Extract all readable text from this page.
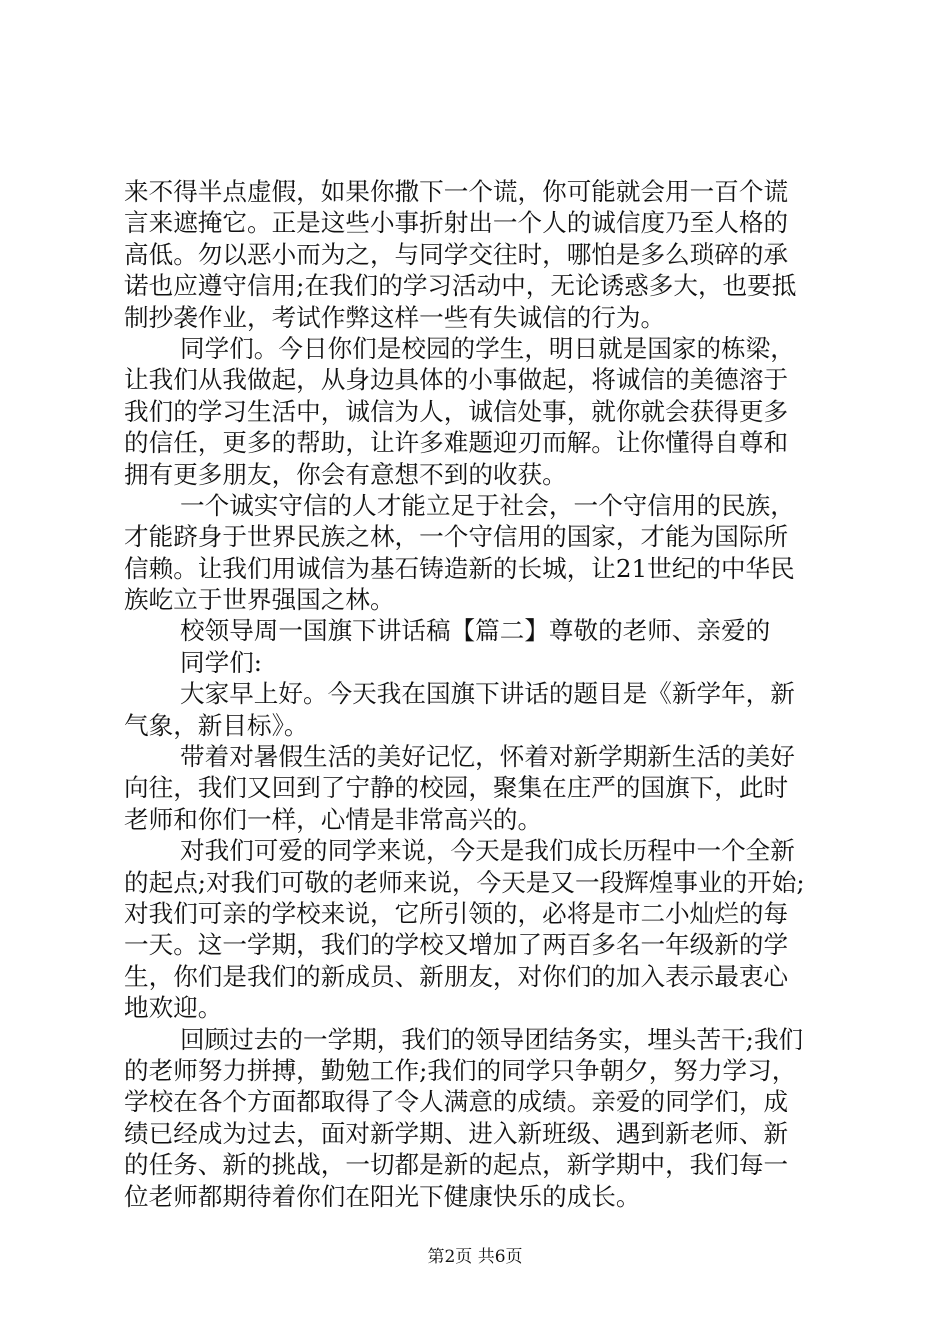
来不得半点虚假，如果你撒下一个谎，你可能就会用一百个谎
言来遮掩它。正是这些小事折射出一个人的诚信度乃至人格的
高低。勿以恶小而为之，与同学交往时，哪怕是多么琐碎的承
诺也应遵守信用;在我们的学习活动中，无论诱惑多大，也要抵
制抄袭作业，考试作弊这样一些有失诚信的行为。
同学们。今日你们是校园的学生，明日就是国家的栋梁，
让我们从我做起，从身边具体的小事做起，将诚信的美德溶于
我们的学习生活中，诚信为人，诚信处事，就你就会获得更多
的信任，更多的帮助，让许多难题迎刃而解。让你懂得自尊和
拥有更多朋友，你会有意想不到的收获。
一个诚实守信的人才能立足于社会，一个守信用的民族，
才能跻身于世界民族之林，一个守信用的国家，才能为国际所
信赖。让我们用诚信为基石铸造新的长城，让21世纪的中华民
族屹立于世界强国之林。
校领导周一国旗下讲话稿【篇二】尊敬的老师、亲爱的
同学们:
大家早上好。今天我在国旗下讲话的题目是《新学年，新
气象，新目标》。
带着对暑假生活的美好记忆，怀着对新学期新生活的美好
向往，我们又回到了宁静的校园，聚集在庄严的国旗下，此时
老师和你们一样，心情是非常高兴的。
对我们可爱的同学来说，今天是我们成长历程中一个全新
的起点;对我们可敬的老师来说，今天是又一段辉煌事业的开始;
对我们可亲的学校来说，它所引领的，必将是市二小灿烂的每
一天。这一学期，我们的学校又增加了两百多名一年级新的学
生，你们是我们的新成员、新朋友，对你们的加入表示最衷心
地欢迎。
回顾过去的一学期，我们的领导团结务实，埋头苦干;我们
的老师努力拼搏，勤勉工作;我们的同学只争朝夕，努力学习，
学校在各个方面都取得了令人满意的成绩。亲爱的同学们，成
绩已经成为过去，面对新学期、进入新班级、遇到新老师、新
的任务、新的挑战，一切都是新的起点，新学期中，我们每一
位老师都期待着你们在阳光下健康快乐的成长。
第2页 共6页
